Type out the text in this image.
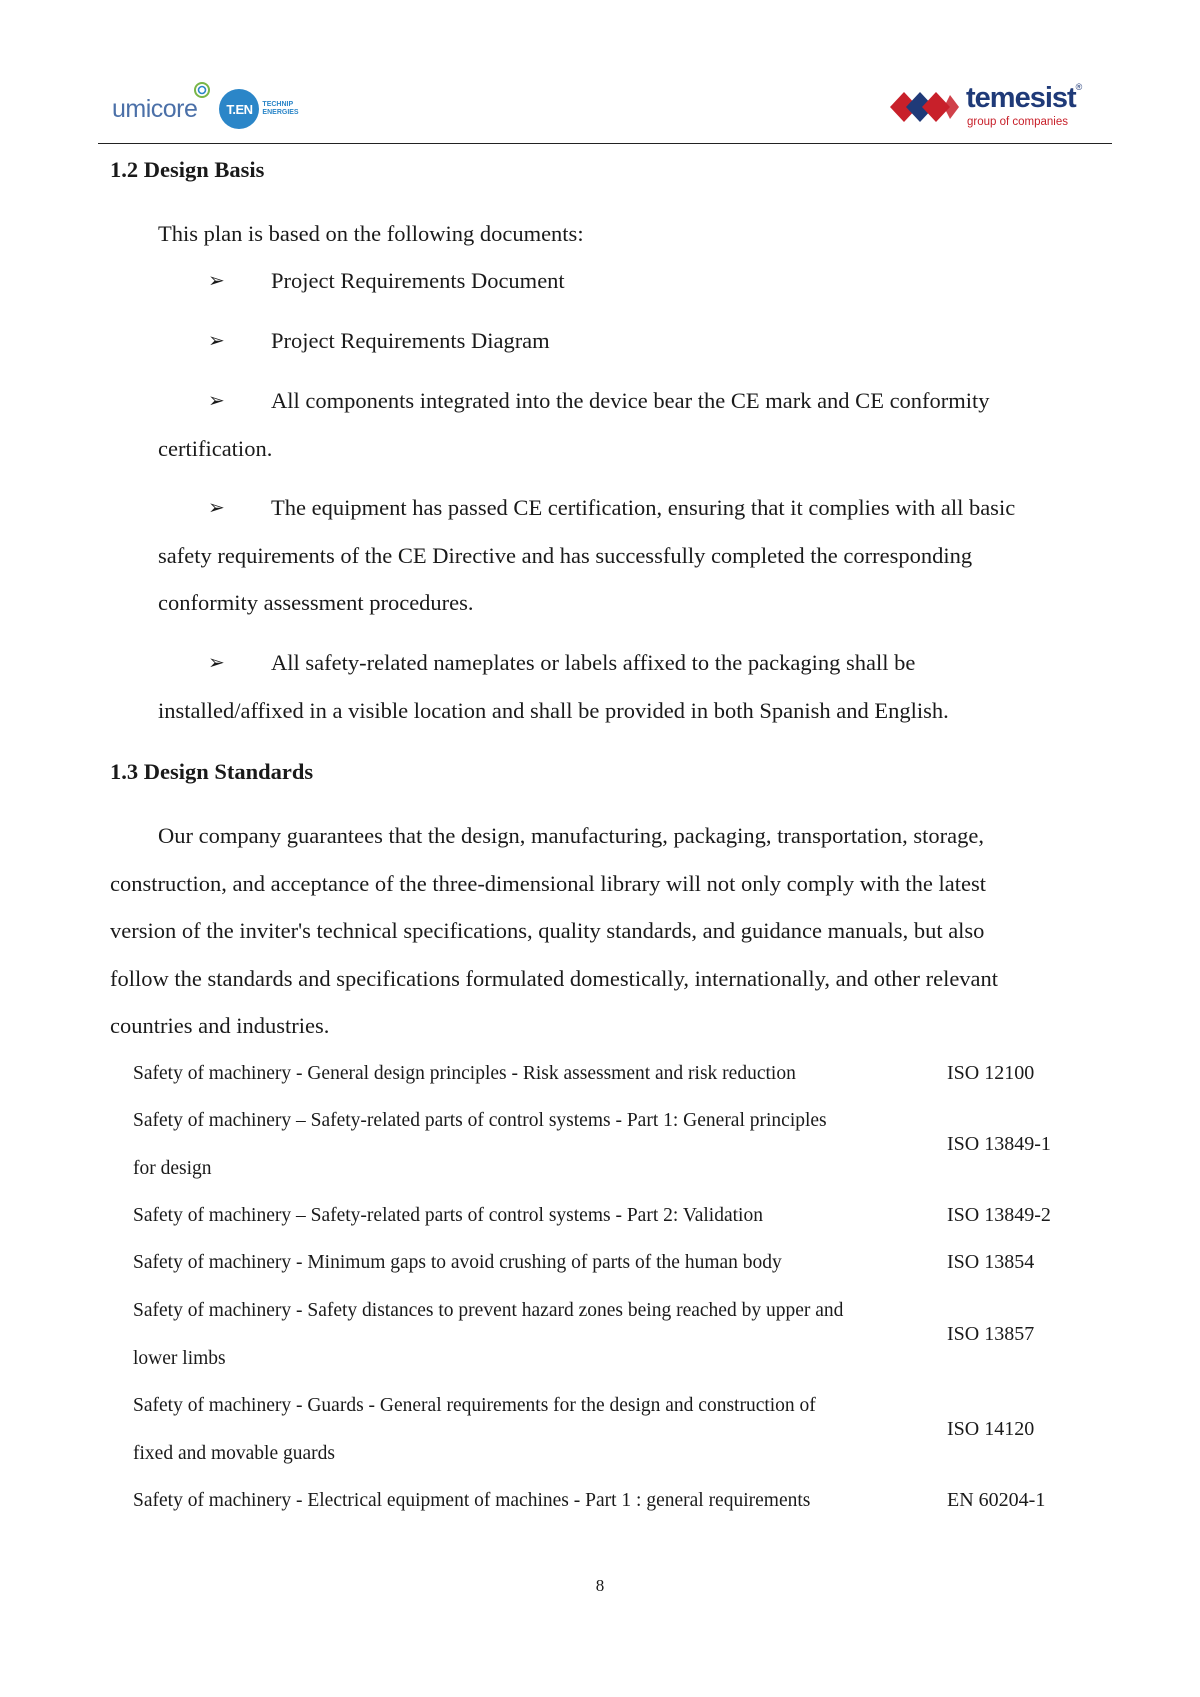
umicore T.EN TECHNIP ENERGIES	temesist®
group of companies
1.2 Design Basis
This plan is based on the following documents:
➢ Project Requirements Document
➢ Project Requirements Diagram
➢ All components integrated into the device bear the CE mark and CE conformity
certification.
➢ The equipment has passed CE certification, ensuring that it complies with all basic
safety requirements of the CE Directive and has successfully completed the corresponding
conformity assessment procedures.
➢ All safety-related nameplates or labels affixed to the packaging shall be
installed/affixed in a visible location and shall be provided in both Spanish and English.
1.3 Design Standards
Our company guarantees that the design, manufacturing, packaging, transportation, storage,
construction, and acceptance of the three-dimensional library will not only comply with the latest
version of the inviter's technical specifications, quality standards, and guidance manuals, but also
follow the standards and specifications formulated domestically, internationally, and other relevant
countries and industries.
Safety of machinery - General design principles - Risk assessment and risk reduction	ISO 12100
Safety of machinery – Safety-related parts of control systems - Part 1: General principles
for design
ISO 13849-1
Safety of machinery – Safety-related parts of control systems - Part 2: Validation	ISO 13849-2
Safety of machinery - Minimum gaps to avoid crushing of parts of the human body	ISO 13854
Safety of machinery - Safety distances to prevent hazard zones being reached by upper and
lower limbs
ISO 13857
Safety of machinery - Guards - General requirements for the design and construction of
fixed and movable guards
ISO 14120
Safety of machinery - Electrical equipment of machines - Part 1 : general requirements	EN 60204-1
8
